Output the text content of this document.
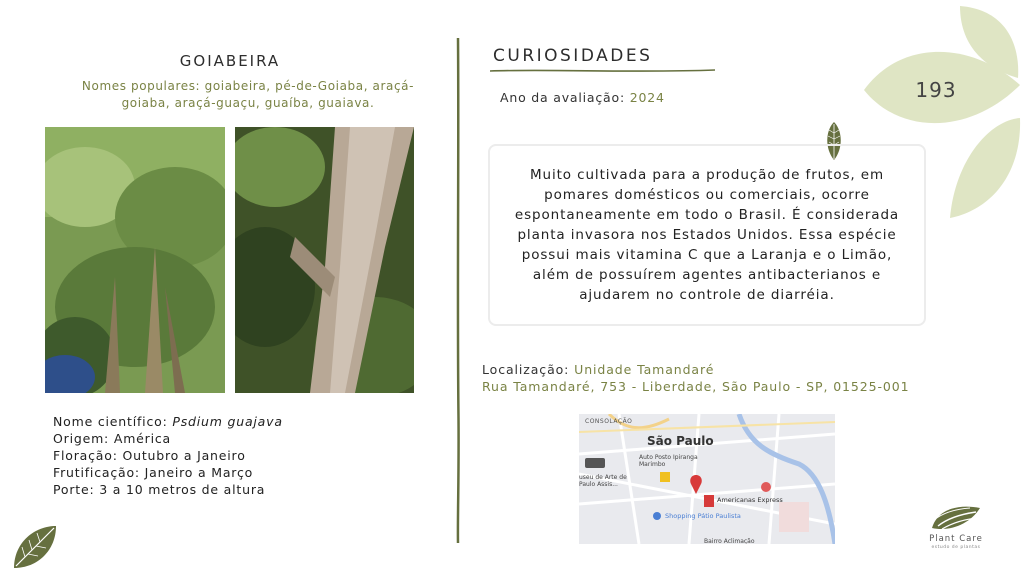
GOIABEIRA
Nomes populares: goiabeira, pé-de-Goiaba, araçá-goiaba, araçá-guaçu, guaíba, guaiava.
Nome científico: Psdium guajava
Origem: América
Floração: Outubro a Janeiro
Frutificação: Janeiro a Março
Porte: 3 a 10 metros de altura
CURIOSIDADES
Ano da avaliação: 2024
Muito cultivada para a produção de frutos, em pomares domésticos ou comerciais, ocorre espontaneamente em todo o Brasil. É considerada planta invasora nos Estados Unidos. Essa espécie possui mais vitamina C que a Laranja e o Limão, além de possuírem agentes antibacterianos e ajudarem no controle de diarréia.
Localização: Unidade Tamandaré
Rua Tamandaré, 753 - Liberdade, São Paulo - SP, 01525-001
CONSOLAÇÃO
São Paulo
Auto Posto Ipiranga Marimbo
useu de Arte de Paulo Assis...
Americanas Express
Shopping Pátio Paulista
Bairro Aclimação
193
Plant Care
estudo de plantas
